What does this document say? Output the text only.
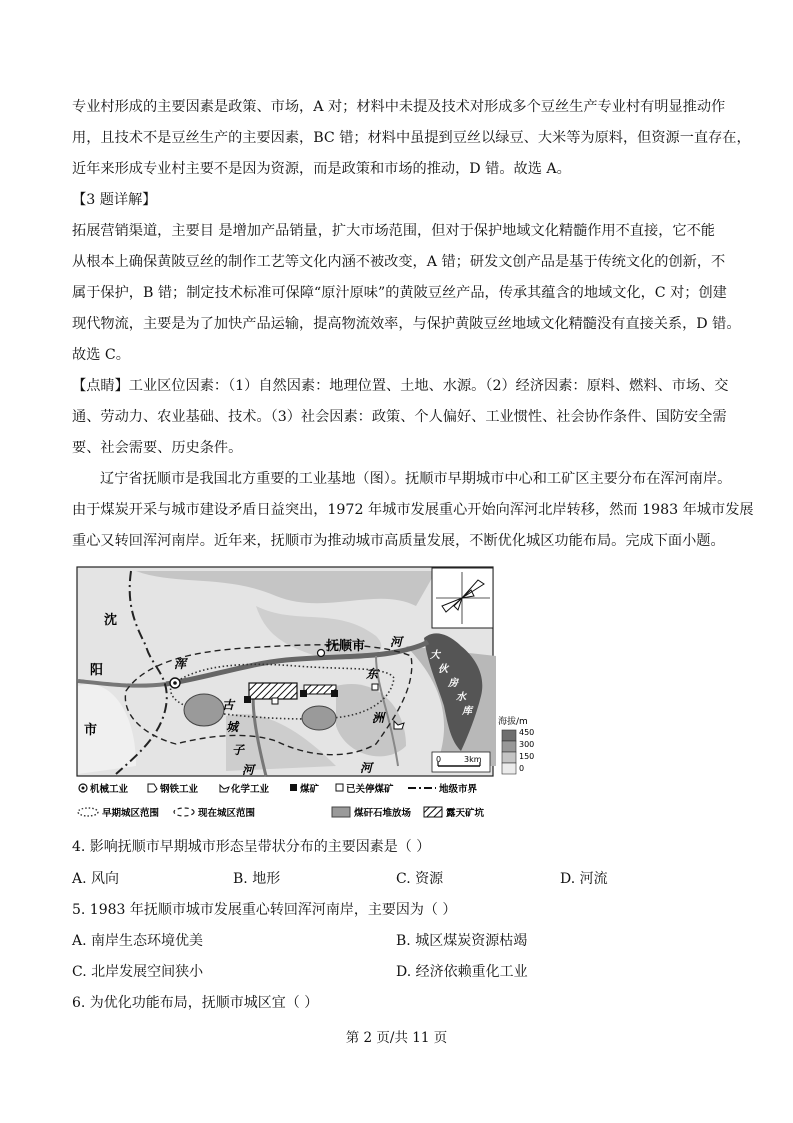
专业村形成的主要因素是政策、市场，A 对；材料中未提及技术对形成多个豆丝生产专业村有明显推动作
用，且技术不是豆丝生产的主要因素，BC 错；材料中虽提到豆丝以绿豆、大米等为原料，但资源一直存在，
近年来形成专业村主要不是因为资源，而是政策和市场的推动，D 错。故选 A。
【3 题详解】
拓展营销渠道，主要目 是增加产品销量，扩大市场范围，但对于保护地域文化精髓作用不直接，它不能
从根本上确保黄陂豆丝的制作工艺等文化内涵不被改变，A 错；研发文创产品是基于传统文化的创新，不
属于保护，B 错；制定技术标准可保障“原汁原味”的黄陂豆丝产品，传承其蕴含的地域文化，C 对；创建
现代物流，主要是为了加快产品运输，提高物流效率，与保护黄陂豆丝地域文化精髓没有直接关系，D 错。
故选 C。
【点睛】工业区位因素：（1）自然因素：地理位置、土地、水源。（2）经济因素：原料、燃料、市场、交
通、劳动力、农业基础、技术。（3）社会因素：政策、个人偏好、工业惯性、社会协作条件、国防安全需
要、社会需要、历史条件。
辽宁省抚顺市是我国北方重要的工业基地（图）。抚顺市早期城市中心和工矿区主要分布在浑河南岸。
由于煤炭开采与城市建设矛盾日益突出，1972 年城市发展重心开始向浑河北岸转移，然而 1983 年城市发展
重心又转回浑河南岸。近年来，抚顺市为推动城市高质量发展，不断优化城区功能布局。完成下面小题。
沈
阳
市
抚顺市
浑
河
古
城
子
河
东
洲
河
大
伙
房
水
库
0	3km
海拔/m
450
300
150
0
机械工业	钢铁工业	化学工业	煤矿	已关停煤矿	地级市界
早期城区范围	现在城区范围	煤矸石堆放场	露天矿坑
4. 影响抚顺市早期城市形态呈带状分布的主要因素是（ ）
A. 风向	B. 地形	C. 资源	D. 河流
5. 1983 年抚顺市城市发展重心转回浑河南岸，主要因为（ ）
A. 南岸生态环境优美	B. 城区煤炭资源枯竭
C. 北岸发展空间狭小	D. 经济依赖重化工业
6. 为优化功能布局，抚顺市城区宜（ ）
第 2 页/共 11 页
